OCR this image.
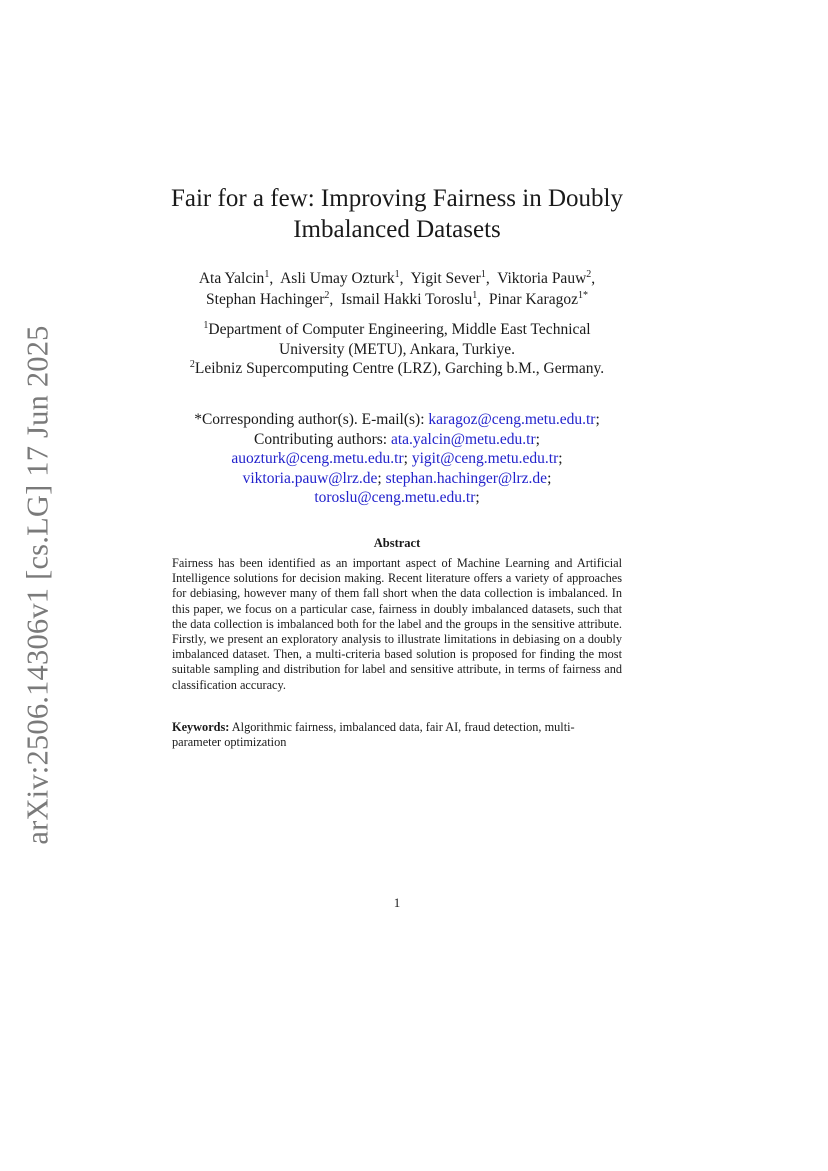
arXiv:2506.14306v1 [cs.LG] 17 Jun 2025
Fair for a few: Improving Fairness in Doubly
Imbalanced Datasets
Ata Yalcin$^1$, Asli Umay Ozturk$^1$, Yigit Sever$^1$, Viktoria Pauw$^2$,
Stephan Hachinger$^2$, Ismail Hakki Toroslu$^1$, Pinar Karagoz$^{1*}$
$^1$Department of Computer Engineering, Middle East Technical
University (METU), Ankara, Turkiye.
$^2$Leibniz Supercomputing Centre (LRZ), Garching b.M., Germany.
*Corresponding author(s). E-mail(s): karagoz@ceng.metu.edu.tr;
Contributing authors: ata.yalcin@metu.edu.tr;
auozturk@ceng.metu.edu.tr; yigit@ceng.metu.edu.tr;
viktoria.pauw@lrz.de; stephan.hachinger@lrz.de;
toroslu@ceng.metu.edu.tr;
Abstract
Fairness has been identified as an important aspect of Machine Learning and Artificial Intelligence solutions for decision making. Recent literature offers a variety of approaches for debiasing, however many of them fall short when the data collection is imbalanced. In this paper, we focus on a particular case, fairness in doubly imbalanced datasets, such that the data collection is imbalanced both for the label and the groups in the sensitive attribute. Firstly, we present an exploratory analysis to illustrate limitations in debiasing on a doubly imbalanced dataset. Then, a multi-criteria based solution is proposed for finding the most suitable sampling and distribution for label and sensitive attribute, in terms of fairness and classification accuracy.
Keywords: Algorithmic fairness, imbalanced data, fair AI, fraud detection, multi-parameter optimization
1
